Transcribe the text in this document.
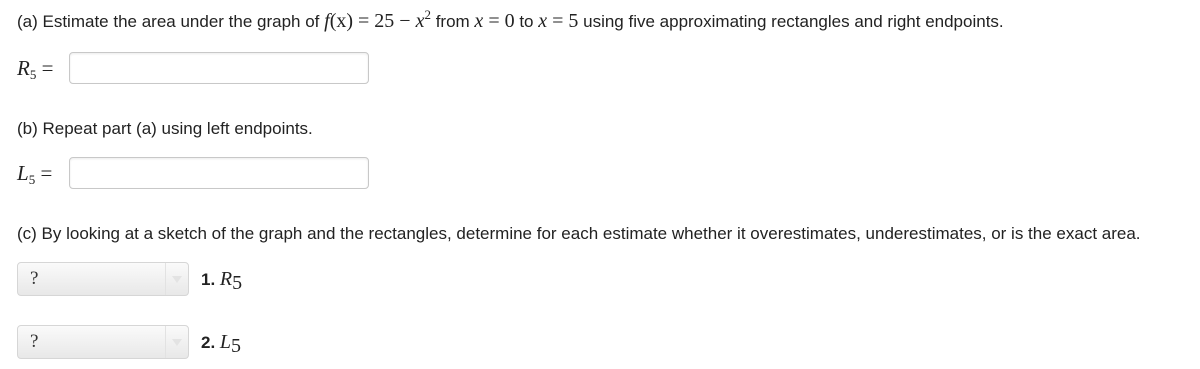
(a) Estimate the area under the graph of $f(x) = 25 - x^2$ from x = 0 to x = 5 using five approximating rectangles and right endpoints.
$R_5$ =
(b) Repeat part (a) using left endpoints.
$L_5$ =
(c) By looking at a sketch of the graph and the rectangles, determine for each estimate whether it overestimates, underestimates, or is the exact area.
?	1. $R_5$
?	2. $L_5$
